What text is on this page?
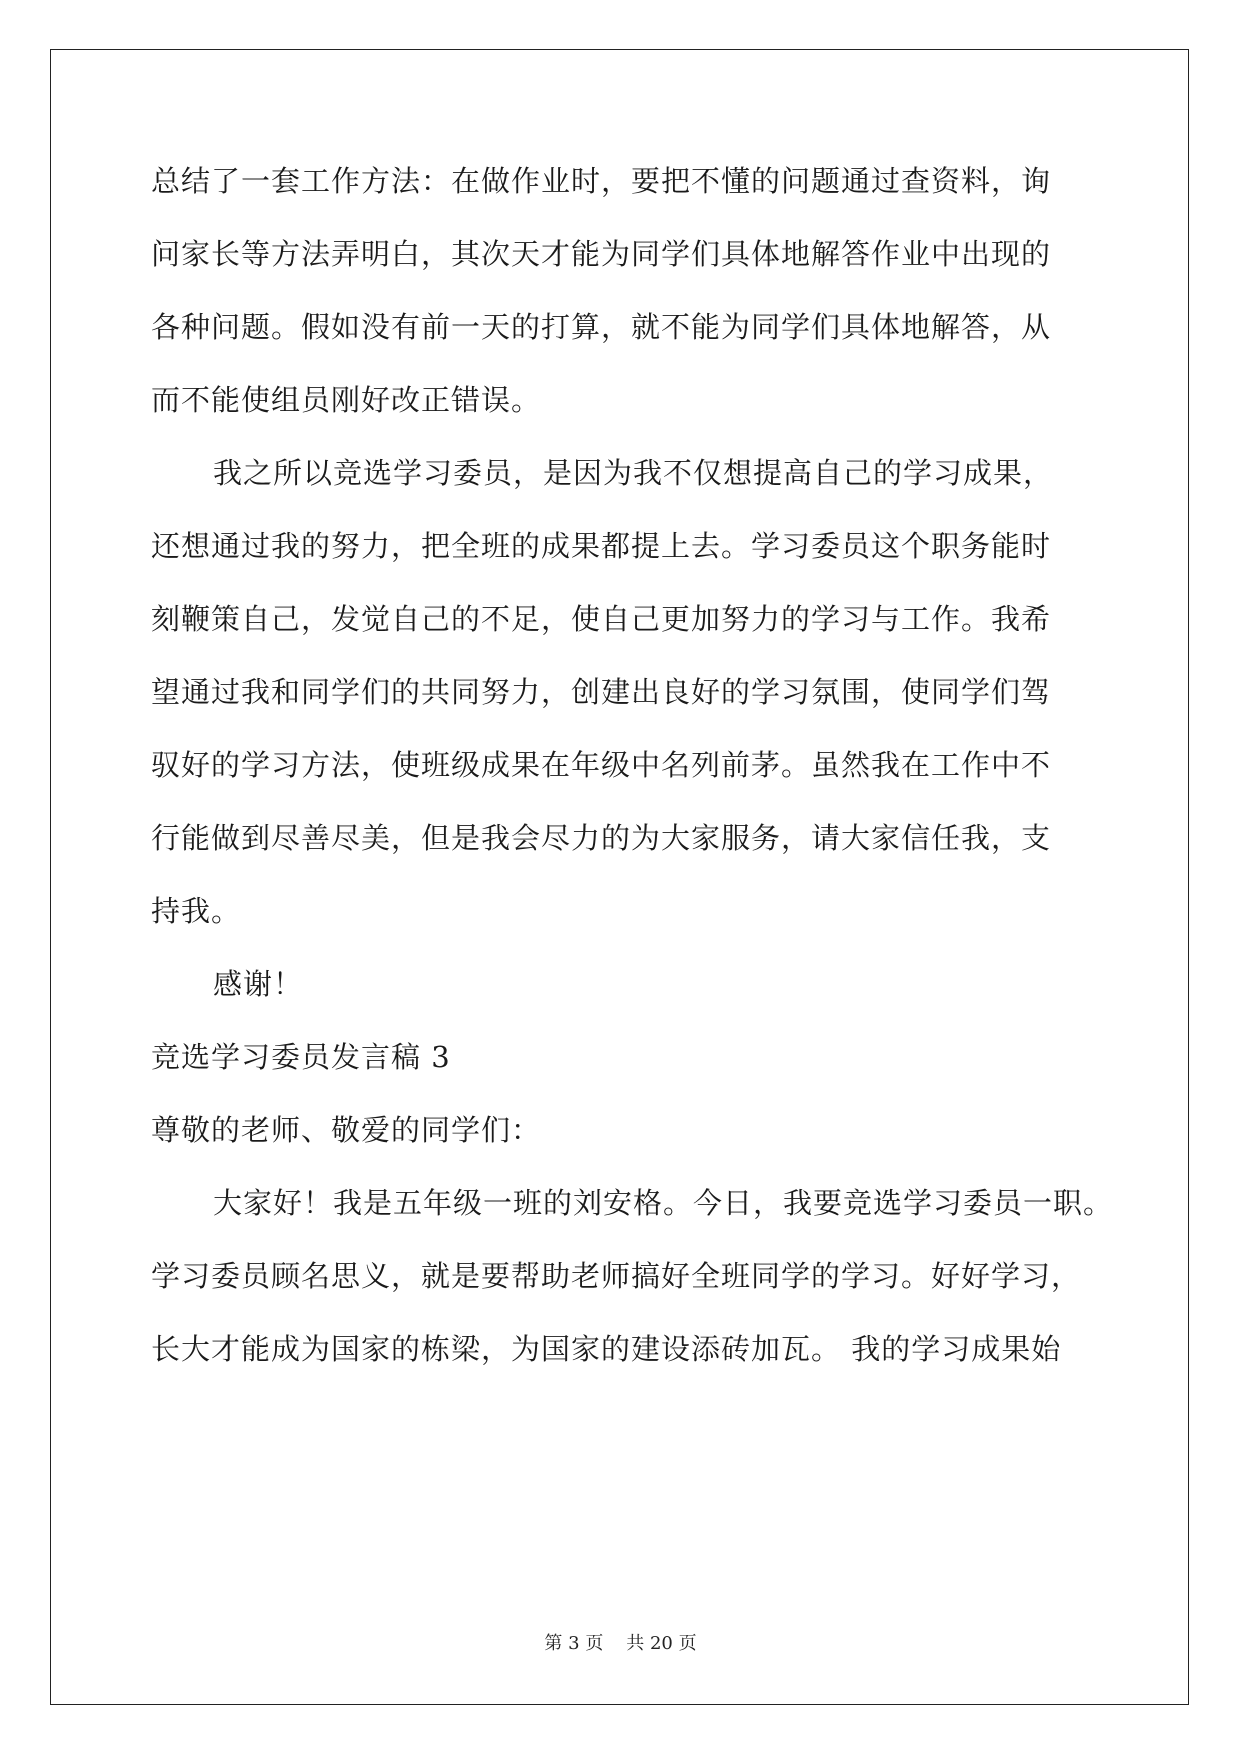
总结了一套工作方法：在做作业时，要把不懂的问题通过查资料，询
问家长等方法弄明白，其次天才能为同学们具体地解答作业中出现的
各种问题。假如没有前一天的打算，就不能为同学们具体地解答，从
而不能使组员刚好改正错误。
我之所以竞选学习委员，是因为我不仅想提高自己的学习成果，
还想通过我的努力，把全班的成果都提上去。学习委员这个职务能时
刻鞭策自己，发觉自己的不足，使自己更加努力的学习与工作。我希
望通过我和同学们的共同努力，创建出良好的学习氛围，使同学们驾
驭好的学习方法，使班级成果在年级中名列前茅。虽然我在工作中不
行能做到尽善尽美，但是我会尽力的为大家服务，请大家信任我，支
持我。
感谢！
竞选学习委员发言稿 3
尊敬的老师、敬爱的同学们：
大家好！我是五年级一班的刘安格。今日，我要竞选学习委员一职。
学习委员顾名思义，就是要帮助老师搞好全班同学的学习。好好学习，
长大才能成为国家的栋梁，为国家的建设添砖加瓦。 我的学习成果始
第 3 页 共 20 页
